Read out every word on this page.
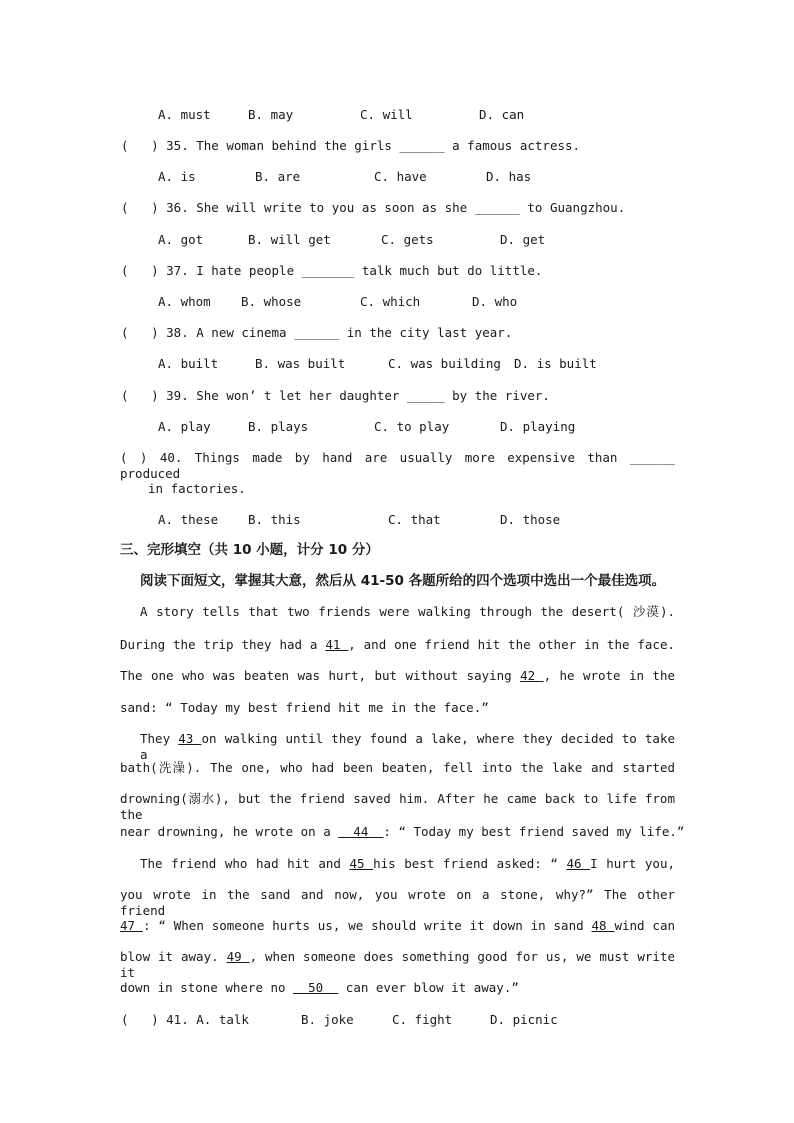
A. must	B. may	C. will	D. can
(   ) 35. The woman behind the girls ______ a famous actress.
A. is	B. are	C. have	D. has
(   ) 36. She will write to you as soon as she ______ to Guangzhou.
A. got	B. will get	C. gets	D. get
(   ) 37. I hate people _______ talk much but do little.
A. whom B. whose	C. which	D. who
(   ) 38. A new cinema ______ in the city last year.
A. built	B. was built	C. was building D. is built
(   ) 39. She won’ t let her daughter _____ by the river.
A. play	B. plays	C. to play	D. playing
( ) 40. Things made by hand are usually more expensive than ______ produced
in factories.
A. these B. this	C. that	D. those
三、完形填空（共 10 小题，计分 10 分）
阅读下面短文，掌握其大意，然后从 41-50 各题所给的四个选项中选出一个最佳选项。
A story tells that two friends were walking through the desert( 沙漠).
During the trip they had a 41 , and one friend hit the other in the face.
The one who was beaten was hurt, but without saying 42 , he wrote in the
sand: “ Today my best friend hit me in the face.”
They 43 on walking until they found a lake, where they decided to take a
bath(洗澡). The one, who had been beaten, fell into the lake and started
drowning(溺水), but the friend saved him. After he came back to life from the
near drowning, he wrote on a   44  : “ Today my best friend saved my life.”
The friend who had hit and 45 his best friend asked: “ 46 I hurt you,
you wrote in the sand and now, you wrote on a stone, why?” The other friend
47 : “ When someone hurts us, we should write it down in sand 48 wind can
blow it away. 49 , when someone does something good for us, we must write it
down in stone where no   50   can ever blow it away.”
(   ) 41. A. talk	B. joke	C. fight	D. picnic
